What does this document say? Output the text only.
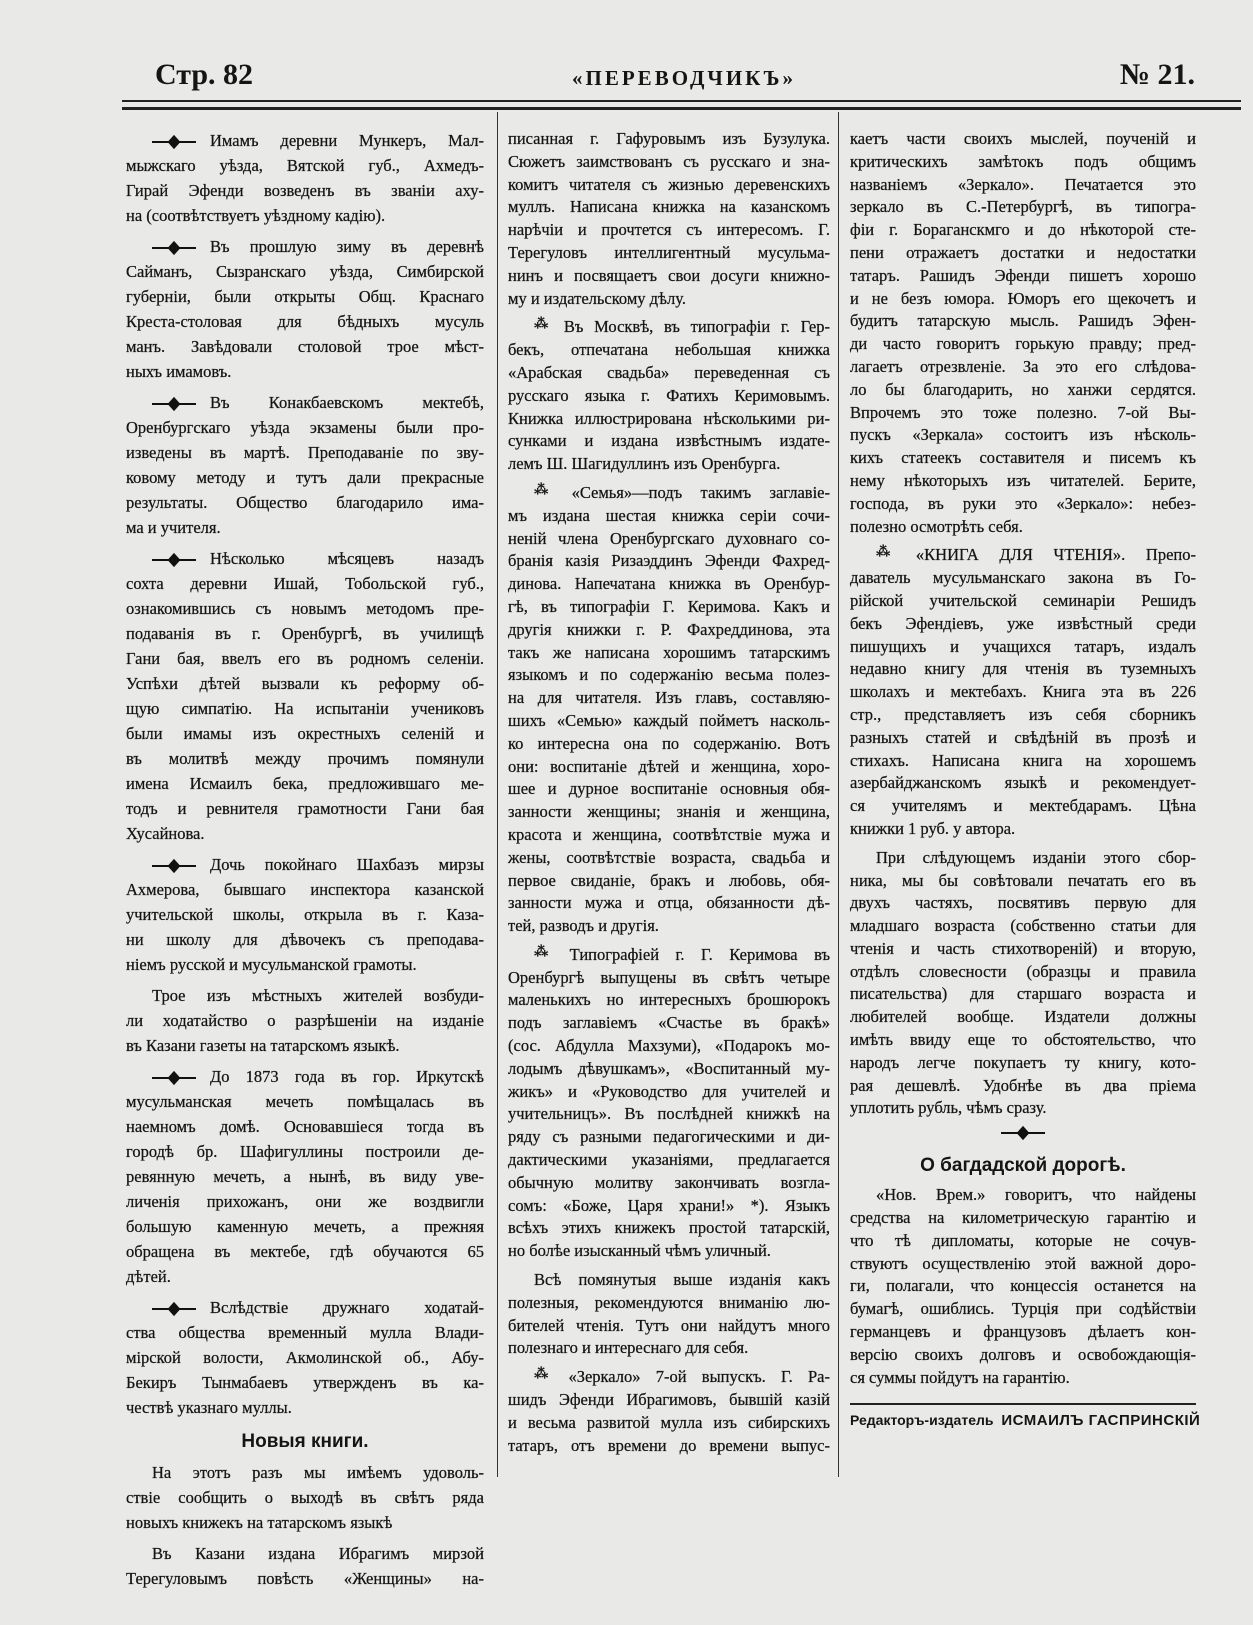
Стр. 82	«ПЕРЕВОДЧИКЪ»	№ 21.
Имамъ деревни Мункеръ, Мал-
мыжскаго уѣзда, Вятской губ., Ахмедъ-
Гирай Эфенди возведенъ въ званіи аху-
на (соотвѣтствуетъ уѣздному кадію).
Въ прошлую зиму въ деревнѣ
Сайманъ, Сызранскаго уѣзда, Симбирской
губерніи, были открыты Общ. Краснаго
Креста-столовая для бѣдныхъ мусуль
манъ. Завѣдовали столовой трое мѣст-
ныхъ имамовъ.
Въ Конакбаевскомъ мектебѣ,
Оренбургскаго уѣзда экзамены были про-
изведены въ мартѣ. Преподаваніе по зву-
ковому методу и тутъ дали прекрасные
результаты. Общество благодарило има-
ма и учителя.
Нѣсколько мѣсяцевъ назадъ
сохта деревни Ишай, Тобольской губ.,
ознакомившись съ новымъ методомъ пре-
подаванія въ г. Оренбургѣ, въ училищѣ
Гани бая, ввелъ его въ родномъ селеніи.
Успѣхи дѣтей вызвали къ реформу об-
щую симпатію. На испытаніи учениковъ
были имамы изъ окрестныхъ селеній и
въ молитвѣ между прочимъ помянули
имена Исмаилъ бека, предложившаго ме-
тодъ и ревнителя грамотности Гани бая
Хусайнова.
Дочь покойнаго Шахбазъ мирзы
Ахмерова, бывшаго инспектора казанской
учительской школы, открыла въ г. Каза-
ни школу для дѣвочекъ съ преподава-
ніемъ русской и мусульманской грамоты.
Трое изъ мѣстныхъ жителей возбуди-
ли ходатайство о разрѣшеніи на изданіе
въ Казани газеты на татарскомъ языкѣ.
До 1873 года въ гор. Иркутскѣ
мусульманская мечеть помѣщалась въ
наемномъ домѣ. Основавшіеся тогда въ
городѣ бр. Шафигуллины построили де-
ревянную мечеть, а нынѣ, въ виду уве-
личенія прихожанъ, они же воздвигли
большую каменную мечеть, а прежняя
обращена въ мектебе, гдѣ обучаются 65
дѣтей.
Вслѣдствіе дружнаго ходатай-
ства общества временный мулла Влади-
мірской волости, Акмолинской об., Абу-
Бекиръ Тынмабаевъ утвержденъ въ ка-
чествѣ указнаго муллы.
Новыя книги.
На этотъ разъ мы имѣемъ удоволь-
ствіе сообщить о выходѣ въ свѣтъ ряда
новыхъ книжекъ на татарскомъ языкѣ
Въ Казани издана Ибрагимъ мирзой
Терегуловымъ повѣсть «Женщины» на-
писанная г. Гафуровымъ изъ Бузулука.
Сюжетъ заимствованъ съ русскаго и зна-
комитъ читателя съ жизнью деревенскихъ
муллъ. Написана книжка на казанскомъ
нарѣчіи и прочтется съ интересомъ. Г.
Терегуловъ интеллигентный мусульма-
нинъ и посвящаетъ свои досуги книжно-
му и издательскому дѣлу.
⁂ Въ Москвѣ, въ типографіи г. Гер-
бекъ, отпечатана небольшая книжка
«Арабская свадьба» переведенная съ
русскаго языка г. Фатихъ Керимовымъ.
Книжка иллюстрирована нѣсколькими ри-
сунками и издана извѣстнымъ издате-
лемъ Ш. Шагидуллинъ изъ Оренбурга.
⁂ «Семья»—подъ такимъ заглавіе-
мъ издана шестая книжка серіи сочи-
неній члена Оренбургскаго духовнаго со-
бранія казія Ризаэддинъ Эфенди Фахред-
динова. Напечатана книжка въ Оренбур-
гѣ, въ типографіи Г. Керимова. Какъ и
другія книжки г. Р. Фахреддинова, эта
такъ же написана хорошимъ татарскимъ
языкомъ и по содержанію весьма полез-
на для читателя. Изъ главъ, составляю-
шихъ «Семью» каждый пойметъ насколь-
ко интересна она по содержанію. Вотъ
они: воспитаніе дѣтей и женщина, хоро-
шее и дурное воспитаніе основныя обя-
занности женщины; знанія и женщина,
красота и женщина, соотвѣтствіе мужа и
жены, соотвѣтствіе возраста, свадьба и
первое свиданіе, бракъ и любовь, обя-
занности мужа и отца, обязанности дѣ-
тей, разводъ и другія.
⁂ Типографіей г. Г. Керимова въ
Оренбургѣ выпущены въ свѣтъ четыре
маленькихъ но интересныхъ брошюрокъ
подъ заглавіемъ «Счастье въ бракѣ»
(сос. Абдулла Махзуми), «Подарокъ мо-
лодымъ дѣвушкамъ», «Воспитанный му-
жикъ» и «Руководство для учителей и
учительницъ». Въ послѣдней книжкѣ на
ряду съ разными педагогическими и ди-
дактическими указаніями, предлагается
обычную молитву закончивать возгла-
сомъ: «Боже, Царя храни!» *). Языкъ
всѣхъ этихъ книжекъ простой татарскій,
но болѣе изысканный чѣмъ уличный.
Всѣ помянутыя выше изданія какъ
полезныя, рекомендуются вниманію лю-
бителей чтенія. Тутъ они найдутъ много
полезнаго и интереснаго для себя.
⁂ «Зеркало» 7-ой выпускъ. Г. Ра-
шидъ Эфенди Ибрагимовъ, бывшій казій
и весьма развитой мулла изъ сибирскихъ
татаръ, отъ времени до времени выпус-
каетъ части своихъ мыслей, поученій и
критическихъ замѣтокъ подъ общимъ
названіемъ «Зеркало». Печатается это
зеркало въ С.-Петербургѣ, въ типогра-
фіи г. Бораганскмго и до нѣкоторой сте-
пени отражаетъ достатки и недостатки
татаръ. Рашидъ Эфенди пишетъ хорошо
и не безъ юмора. Юморъ его щекочетъ и
будитъ татарскую мысль. Рашидъ Эфен-
ди часто говоритъ горькую правду; пред-
лагаетъ отрезвленіе. За это его слѣдова-
ло бы благодарить, но ханжи сердятся.
Впрочемъ это тоже полезно. 7-ой Вы-
пускъ «Зеркала» состоитъ изъ нѣсколь-
кихъ статеекъ составителя и писемъ къ
нему нѣкоторыхъ изъ читателей. Берите,
господа, въ руки это «Зеркало»: небез-
полезно осмотрѣть себя.
⁂ «КНИГА ДЛЯ ЧТЕНІЯ». Препо-
даватель мусульманскаго закона въ Го-
рійской учительской семинаріи Решидъ
бекъ Эфендіевъ, уже извѣстный среди
пишущихъ и учащихся татаръ, издалъ
недавно книгу для чтенія въ туземныхъ
школахъ и мектебахъ. Книга эта въ 226
стр., представляетъ изъ себя сборникъ
разныхъ статей и свѣдѣній въ прозѣ и
стихахъ. Написана книга на хорошемъ
азербайджанскомъ языкѣ и рекомендует-
ся учителямъ и мектебдарамъ. Цѣна
книжки 1 руб. у автора.
При слѣдующемъ изданіи этого сбор-
ника, мы бы совѣтовали печатать его въ
двухъ частяхъ, посвятивъ первую для
младшаго возраста (собственно статьи для
чтенія и часть стихотвореній) и вторую,
отдѣлъ словесности (образцы и правила
писательства) для старшаго возраста и
любителей вообще. Издатели должны
имѣть ввиду еще то обстоятельство, что
народъ легче покупаетъ ту книгу, кото-
рая дешевлѣ. Удобнѣе въ два пріема
уплотить рубль, чѣмъ сразу.
О багдадской дорогѣ.
«Нов. Врем.» говоритъ, что найдены
средства на километрическую гарантію и
что тѣ дипломаты, которые не сочув-
ствуютъ осуществленію этой важной доро-
ги, полагали, что концессія останется на
бумагѣ, ошиблись. Турція при содѣйствіи
германцевъ и французовъ дѣлаетъ кон-
версію своихъ долговъ и освобождающія-
ся суммы пойдутъ на гарантію.
Редакторъ-издатель ИСМАИЛЪ ГАСПРИНСКІЙ
